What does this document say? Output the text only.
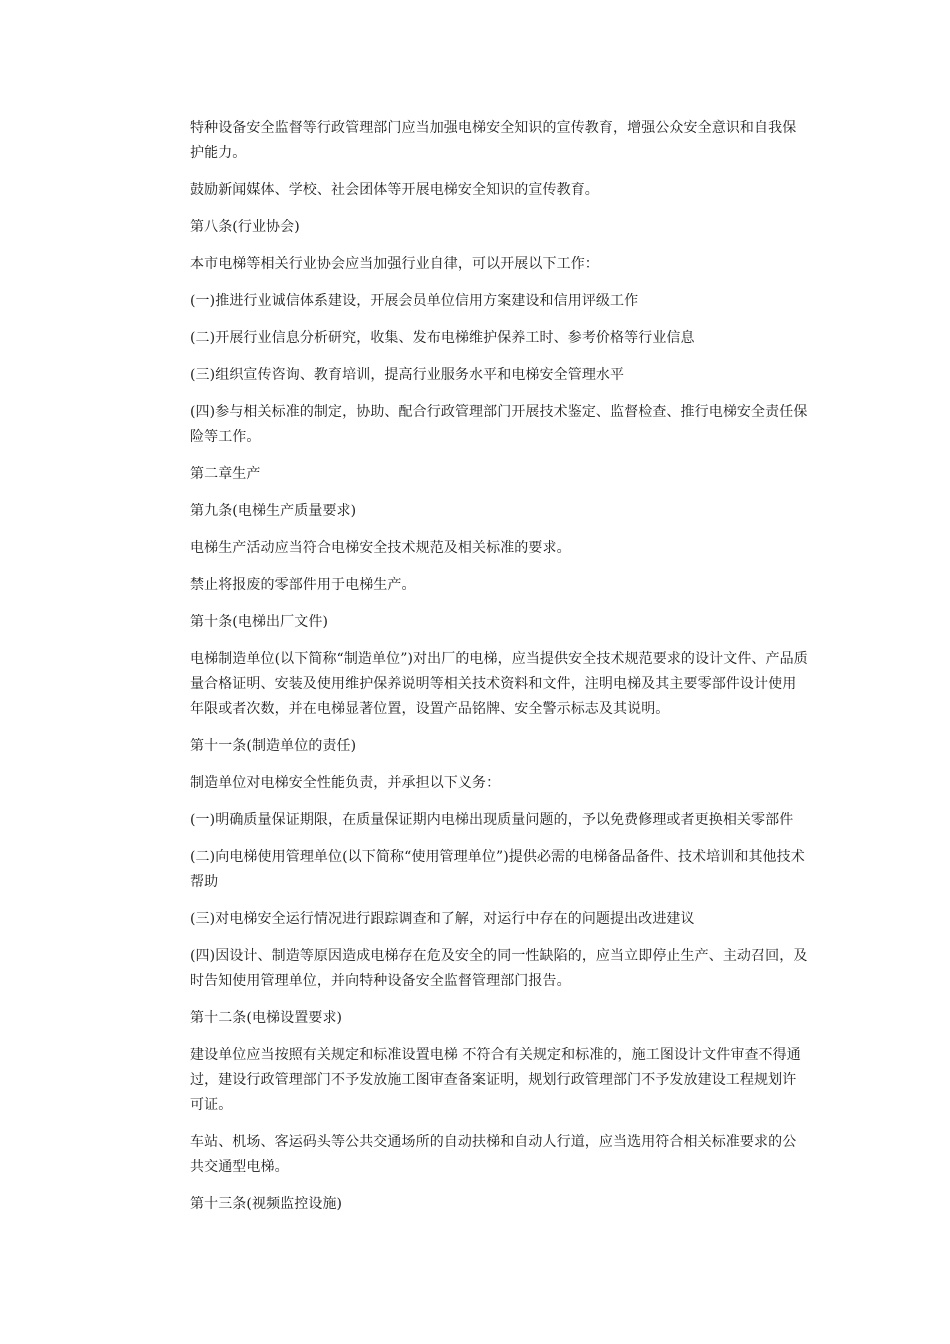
特种设备安全监督等行政管理部门应当加强电梯安全知识的宣传教育，增强公众安全意识和自我保护能力。

鼓励新闻媒体、学校、社会团体等开展电梯安全知识的宣传教育。

第八条(行业协会)

本市电梯等相关行业协会应当加强行业自律，可以开展以下工作：

(一)推进行业诚信体系建设，开展会员单位信用方案建设和信用评级工作

(二)开展行业信息分析研究，收集、发布电梯维护保养工时、参考价格等行业信息

(三)组织宣传咨询、教育培训，提高行业服务水平和电梯安全管理水平

(四)参与相关标准的制定，协助、配合行政管理部门开展技术鉴定、监督检查、推行电梯安全责任保险等工作。

第二章生产

第九条(电梯生产质量要求)

电梯生产活动应当符合电梯安全技术规范及相关标准的要求。

禁止将报废的零部件用于电梯生产。

第十条(电梯出厂文件)

电梯制造单位(以下简称“制造单位”)对出厂的电梯，应当提供安全技术规范要求的设计文件、产品质量合格证明、安装及使用维护保养说明等相关技术资料和文件，注明电梯及其主要零部件设计使用年限或者次数，并在电梯显著位置，设置产品铭牌、安全警示标志及其说明。

第十一条(制造单位的责任)

制造单位对电梯安全性能负责，并承担以下义务：

(一)明确质量保证期限，在质量保证期内电梯出现质量问题的，予以免费修理或者更换相关零部件

(二)向电梯使用管理单位(以下简称“使用管理单位”)提供必需的电梯备品备件、技术培训和其他技术帮助

(三)对电梯安全运行情况进行跟踪调查和了解，对运行中存在的问题提出改进建议

(四)因设计、制造等原因造成电梯存在危及安全的同一性缺陷的，应当立即停止生产、主动召回，及时告知使用管理单位，并向特种设备安全监督管理部门报告。

第十二条(电梯设置要求)

建设单位应当按照有关规定和标准设置电梯 不符合有关规定和标准的，施工图设计文件审查不得通过，建设行政管理部门不予发放施工图审查备案证明，规划行政管理部门不予发放建设工程规划许可证。

车站、机场、客运码头等公共交通场所的自动扶梯和自动人行道，应当选用符合相关标准要求的公共交通型电梯。

第十三条(视频监控设施)
